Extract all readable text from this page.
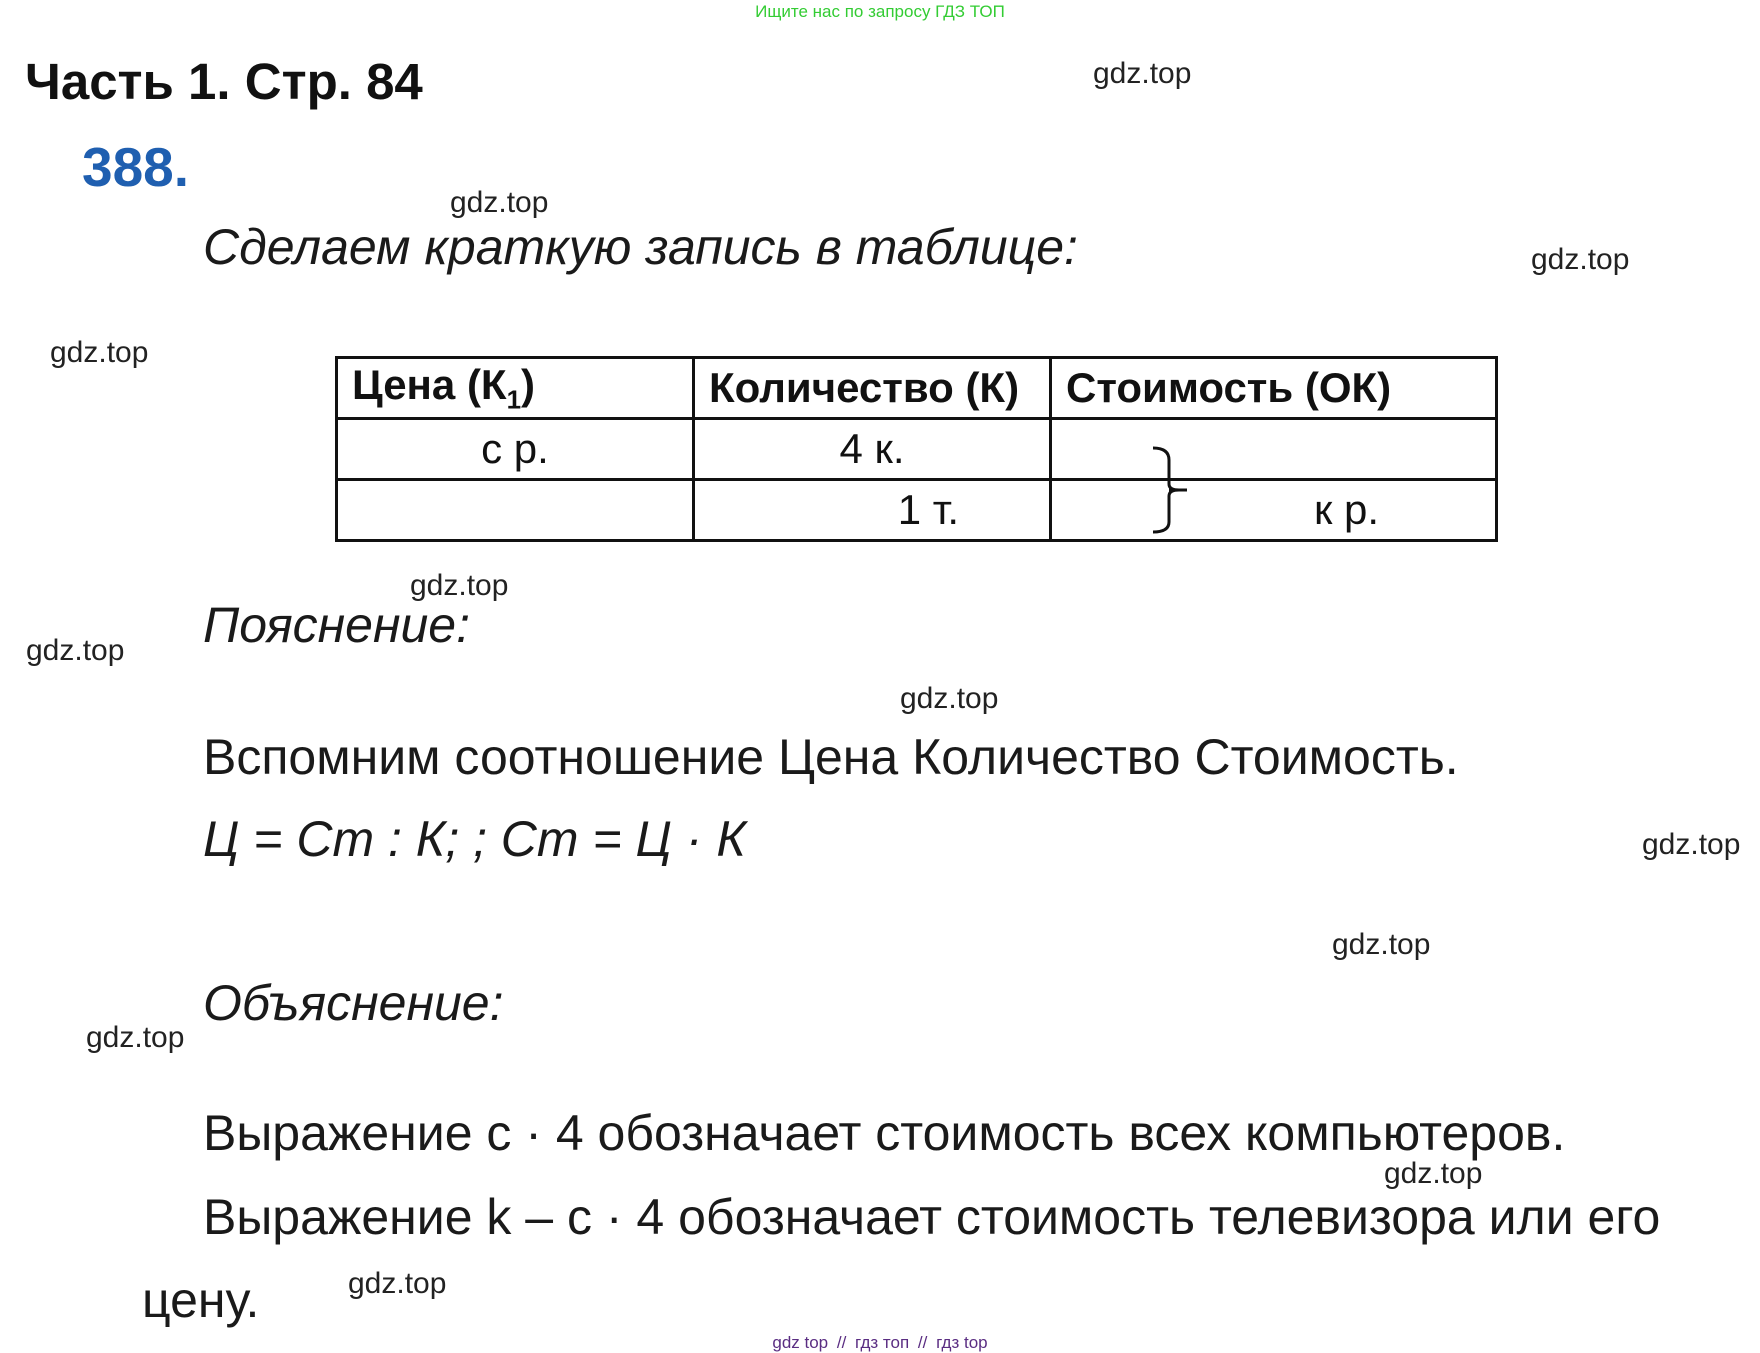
Ищите нас по запросу ГДЗ ТОП
Часть 1. Стр. 84
388.
gdz.top
gdz.top
gdz.top
gdz.top
gdz.top
gdz.top
gdz.top
gdz.top
gdz.top
gdz.top
gdz.top
gdz.top
Сделаем краткую запись в таблице:
Цена $(К_1)$	Количество (К)	Стоимость (ОК)
с р.	4 к.	
	1 т.	к р.
Пояснение:
Вспомним соотношение Цена Количество Стоимость.
Ц = Ст : К; ; Ст = Ц · К
Объяснение:
Выражение с · 4 обозначает стоимость всех компьютеров.
Выражение k – с · 4 обозначает стоимость телевизора или его
цену.
gdz top // гдз топ // гдз top
